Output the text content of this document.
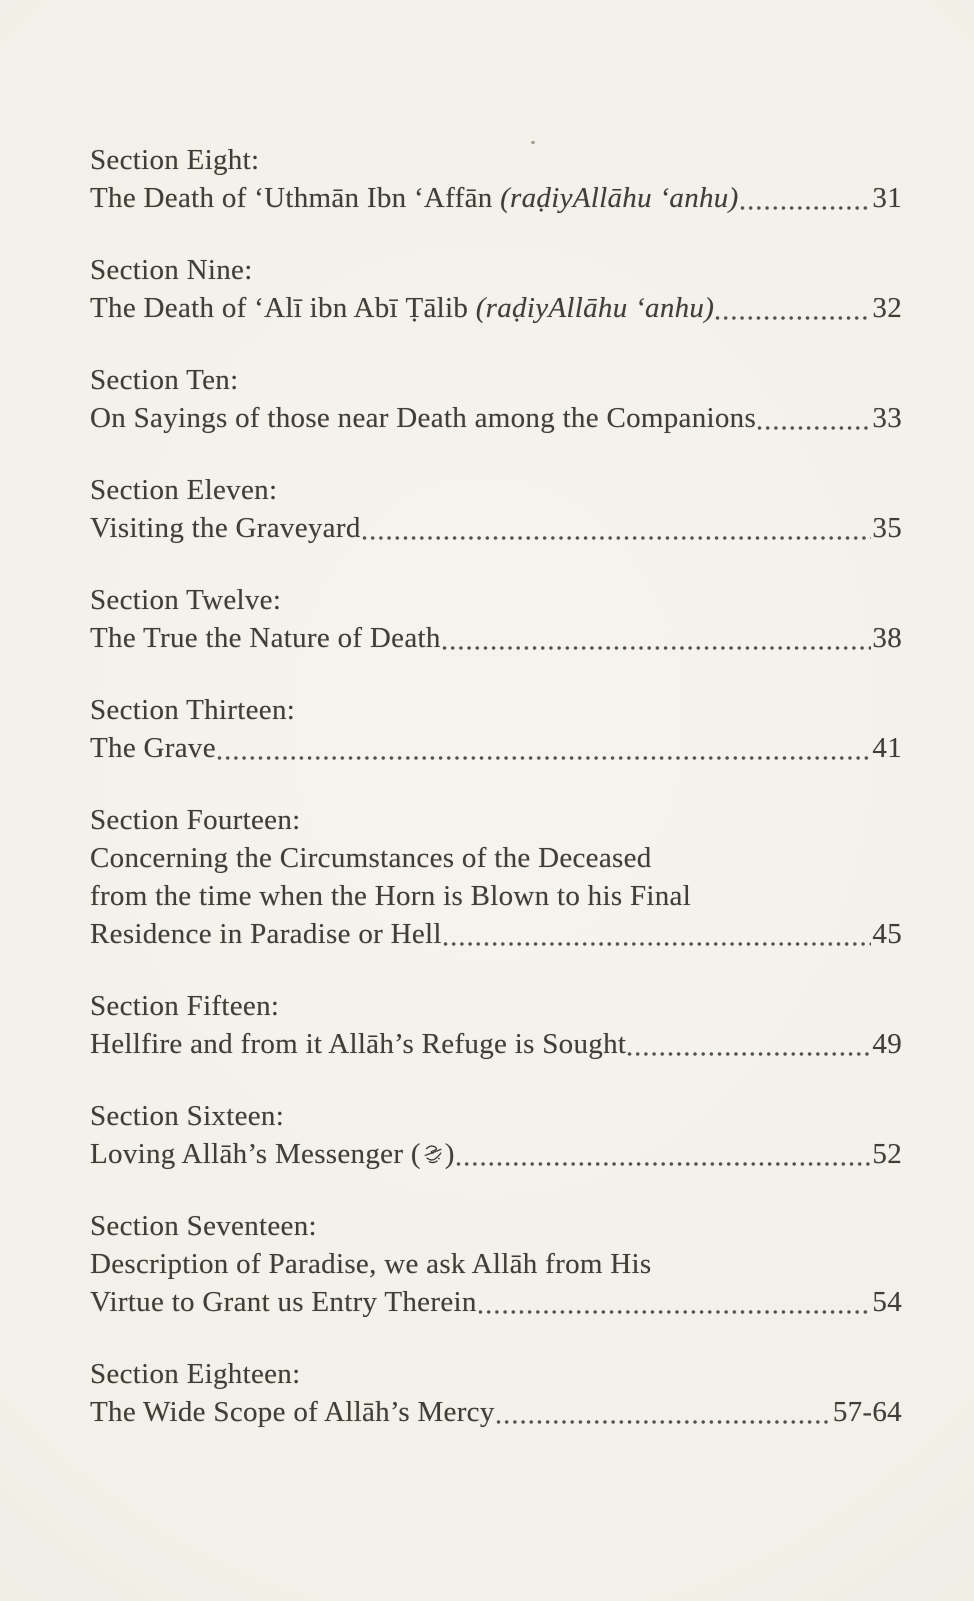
Section Eight:
The Death of ‘Uthmān Ibn ‘Affān (raḍiyAllāhu ‘anhu)	31
Section Nine:
The Death of ‘Alī ibn Abī Ṭālib (raḍiyAllāhu ‘anhu)	32
Section Ten:
On Sayings of those near Death among the Companions	33
Section Eleven:
Visiting the Graveyard	35
Section Twelve:
The True the Nature of Death	38
Section Thirteen:
The Grave	41
Section Fourteen:
Concerning the Circumstances of the Deceased
from the time when the Horn is Blown to his Final
Residence in Paradise or Hell	45
Section Fifteen:
Hellfire and from it Allāh’s Refuge is Sought	49
Section Sixteen:
Loving Allāh’s Messenger ( )	52
Section Seventeen:
Description of Paradise, we ask Allāh from His
Virtue to Grant us Entry Therein	54
Section Eighteen:
The Wide Scope of Allāh’s Mercy	57-64
